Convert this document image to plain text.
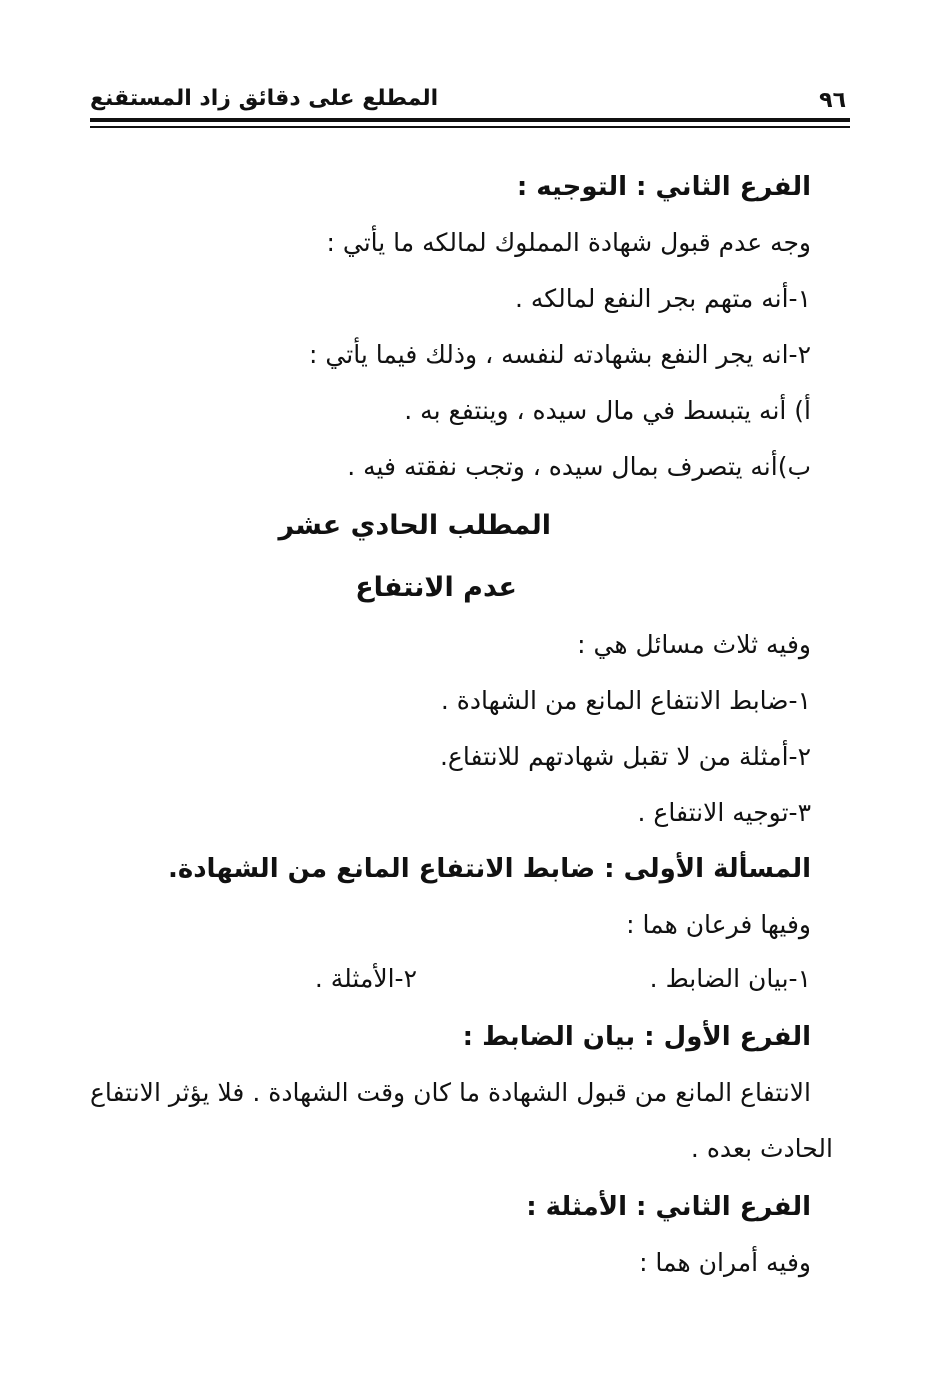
المطلع على دقائق زاد المستقنع	٩٦
الفرع الثاني : التوجيه :
وجه عدم قبول شهادة المملوك لمالكه ما يأتي :
١-أنه متهم بجر النفع لمالكه .
٢-انه يجر النفع بشهادته لنفسه ، وذلك فيما يأتي :
أ) أنه يتبسط في مال سيده ، وينتفع به .
ب)أنه يتصرف بمال سيده ، وتجب نفقته فيه .
المطلب الحادي عشر
عدم الانتفاع
وفيه ثلاث مسائل هي :
١-ضابط الانتفاع المانع من الشهادة .
٢-أمثلة من لا تقبل شهادتهم للانتفاع.
٣-توجيه الانتفاع .
المسألة الأولى : ضابط الانتفاع المانع من الشهادة.
وفيها فرعان هما :
١-بيان الضابط .
٢-الأمثلة .
الفرع الأول : بيان الضابط :
الانتفاع المانع من قبول الشهادة ما كان وقت الشهادة . فلا يؤثر الانتفاع
الحادث بعده .
الفرع الثاني : الأمثلة :
وفيه أمران هما :
